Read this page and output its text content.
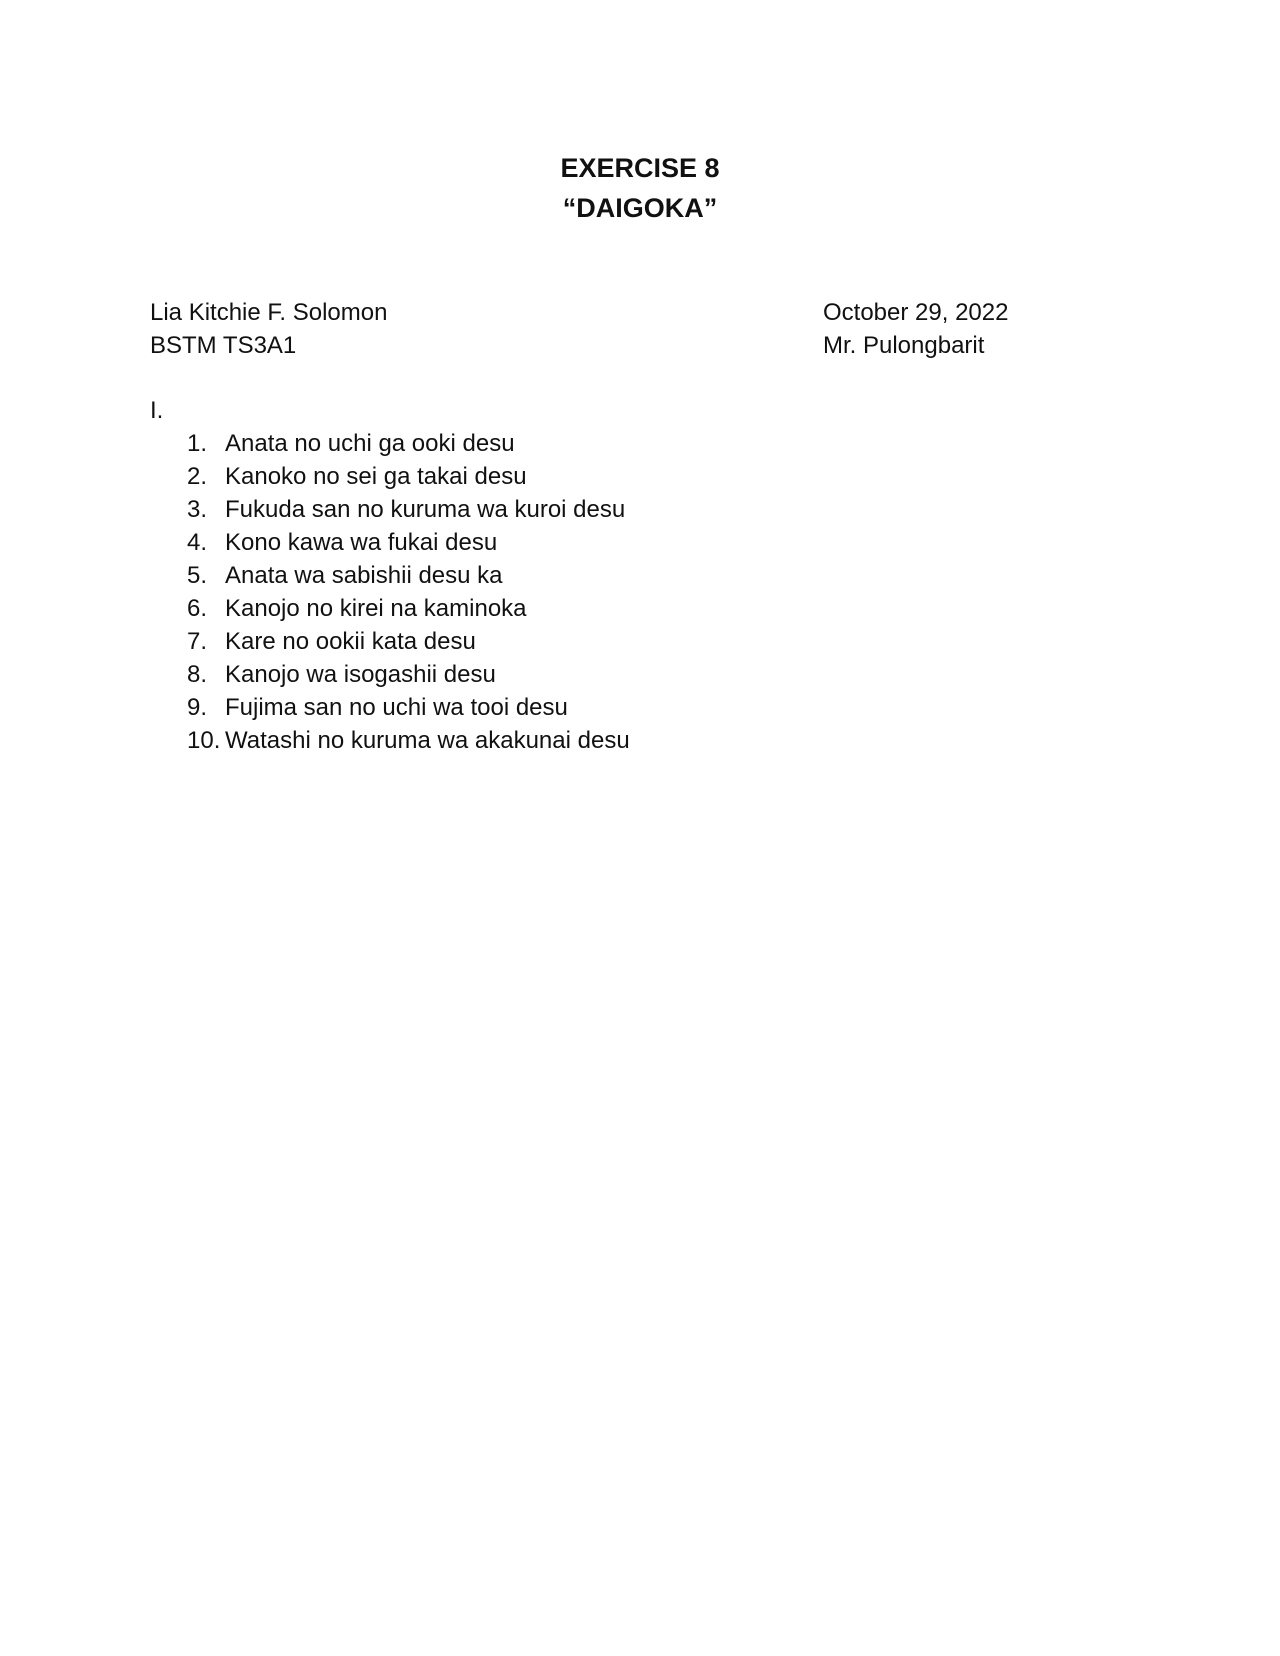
EXERCISE 8
“DAIGOKA”
Lia Kitchie F. Solomon	October 29, 2022
BSTM TS3A1	Mr. Pulongbarit
I.
1. Anata no uchi ga ooki desu
2. Kanoko no sei ga takai desu
3. Fukuda san no kuruma wa kuroi desu
4. Kono kawa wa fukai desu
5. Anata wa sabishii desu ka
6. Kanojo no kirei na kaminoka
7. Kare no ookii kata desu
8. Kanojo wa isogashii desu
9. Fujima san no uchi wa tooi desu
10. Watashi no kuruma wa akakunai desu
